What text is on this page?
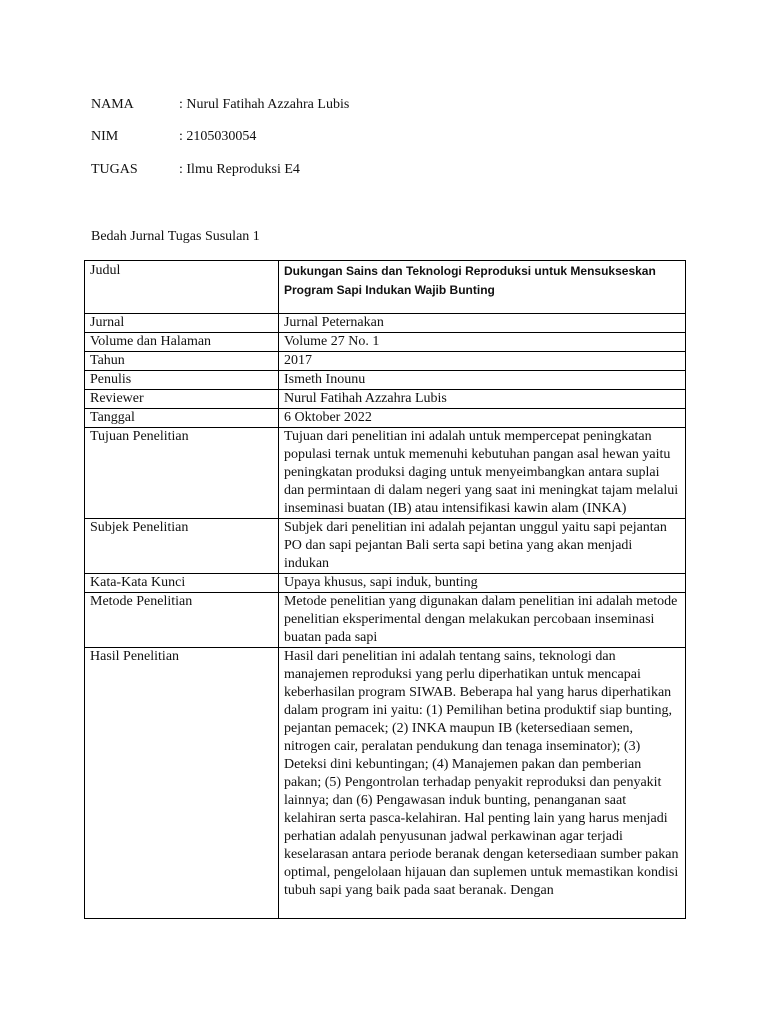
NAMA	: Nurul Fatihah Azzahra Lubis
NIM	: 2105030054
TUGAS	: Ilmu Reproduksi E4
Bedah Jurnal Tugas Susulan 1
Judul	Dukungan Sains dan Teknologi Reproduksi untuk Mensukseskan Program Sapi Indukan Wajib Bunting
Jurnal	Jurnal Peternakan
Volume dan Halaman	Volume 27 No. 1
Tahun	2017
Penulis	Ismeth Inounu
Reviewer	Nurul Fatihah Azzahra Lubis
Tanggal	6 Oktober 2022
Tujuan Penelitian	Tujuan dari penelitian ini adalah untuk mempercepat peningkatan populasi ternak untuk memenuhi kebutuhan pangan asal hewan yaitu peningkatan produksi daging untuk menyeimbangkan antara suplai dan permintaan di dalam negeri yang saat ini meningkat tajam melalui inseminasi buatan (IB) atau intensifikasi kawin alam (INKA)
Subjek Penelitian	Subjek dari penelitian ini adalah pejantan unggul yaitu sapi pejantan PO dan sapi pejantan Bali serta sapi betina yang akan menjadi indukan
Kata-Kata Kunci	Upaya khusus, sapi induk, bunting
Metode Penelitian	Metode penelitian yang digunakan dalam penelitian ini adalah metode penelitian eksperimental dengan melakukan percobaan inseminasi buatan pada sapi
Hasil Penelitian	Hasil dari penelitian ini adalah tentang sains, teknologi dan manajemen reproduksi yang perlu diperhatikan untuk mencapai keberhasilan program SIWAB. Beberapa hal yang harus diperhatikan dalam program ini yaitu: (1) Pemilihan betina produktif siap bunting, pejantan pemacek; (2) INKA maupun IB (ketersediaan semen, nitrogen cair, peralatan pendukung dan tenaga inseminator); (3) Deteksi dini kebuntingan; (4) Manajemen pakan dan pemberian pakan; (5) Pengontrolan terhadap penyakit reproduksi dan penyakit lainnya; dan (6) Pengawasan induk bunting, penanganan saat kelahiran serta pasca-kelahiran. Hal penting lain yang harus menjadi perhatian adalah penyusunan jadwal perkawinan agar terjadi keselarasan antara periode beranak dengan ketersediaan sumber pakan optimal, pengelolaan hijauan dan suplemen untuk memastikan kondisi tubuh sapi yang baik pada saat beranak. Dengan
